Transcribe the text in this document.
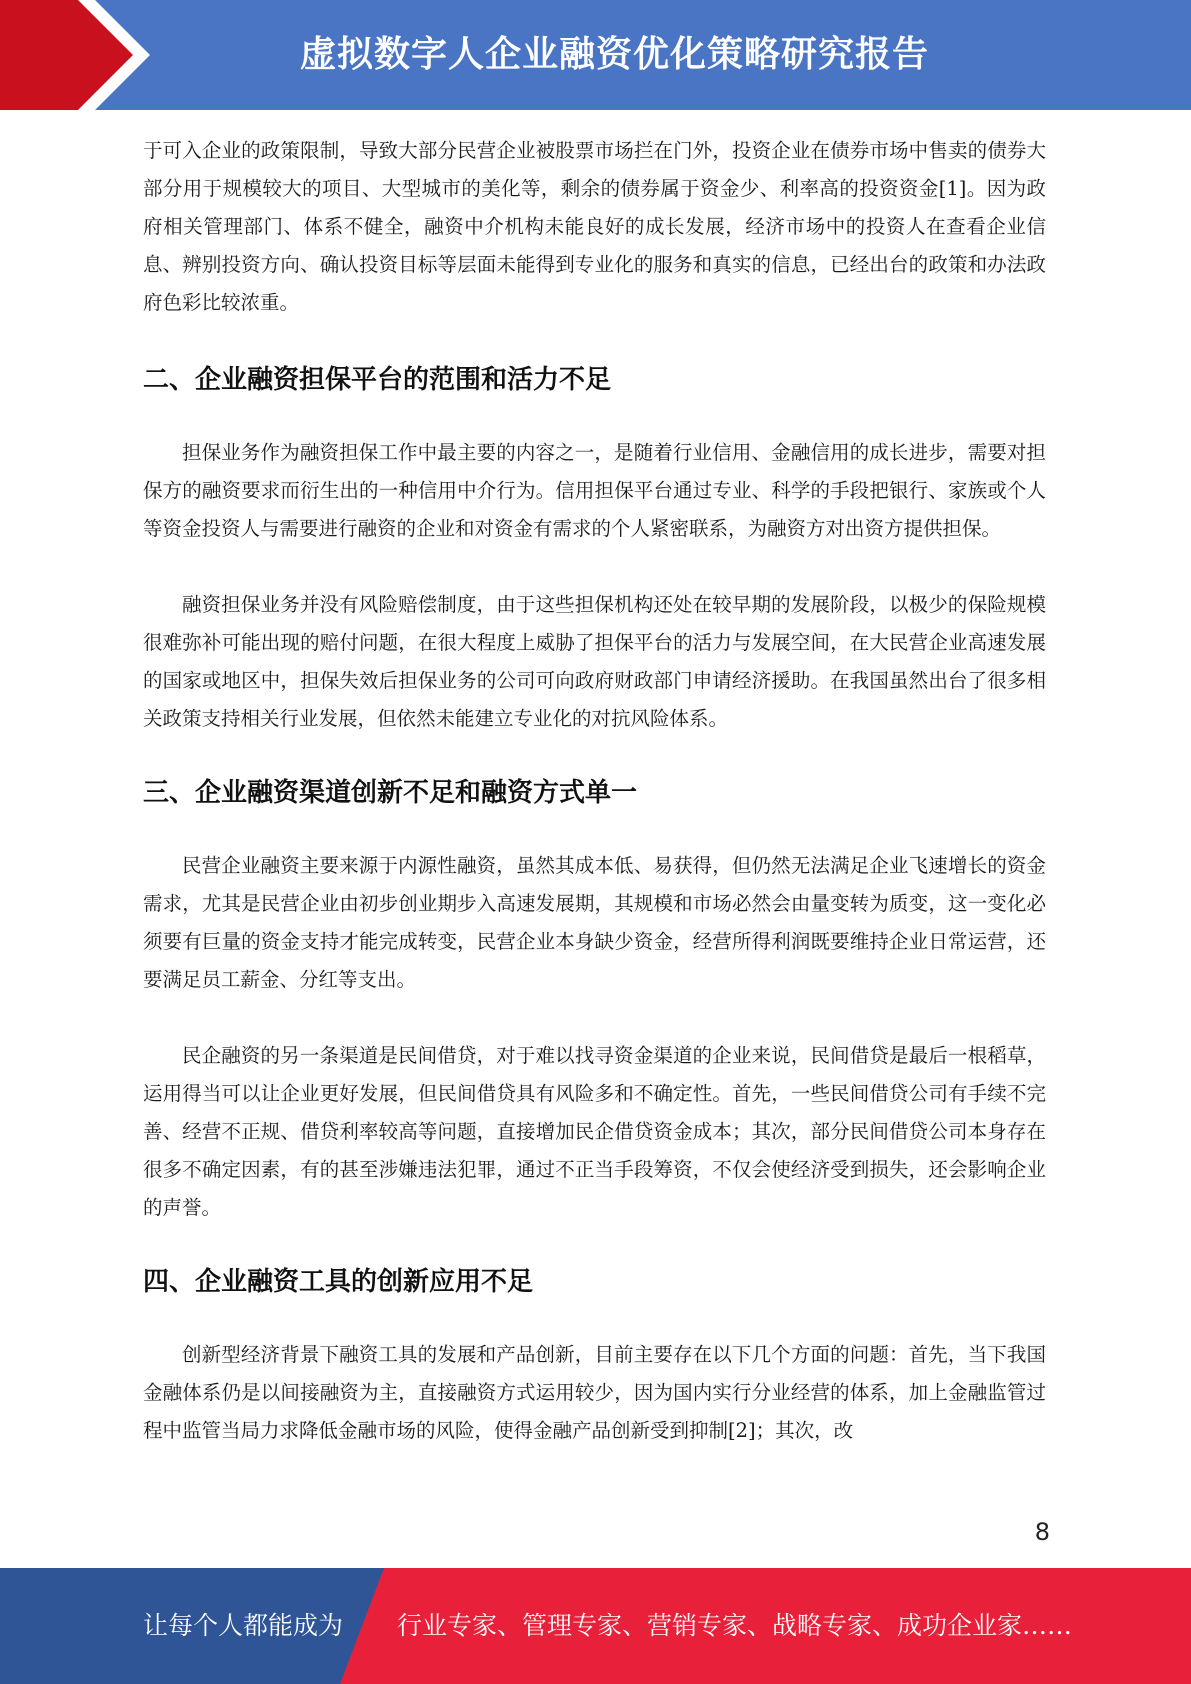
虚拟数字人企业融资优化策略研究报告

于可入企业的政策限制，导致大部分民营企业被股票市场拦在门外，投资企业在债券市场中售卖的债券大部分用于规模较大的项目、大型城市的美化等，剩余的债券属于资金少、利率高的投资资金[1]。因为政府相关管理部门、体系不健全，融资中介机构未能良好的成长发展，经济市场中的投资人在查看企业信息、辨别投资方向、确认投资目标等层面未能得到专业化的服务和真实的信息，已经出台的政策和办法政府色彩比较浓重。

二、企业融资担保平台的范围和活力不足

担保业务作为融资担保工作中最主要的内容之一，是随着行业信用、金融信用的成长进步，需要对担保方的融资要求而衍生出的一种信用中介行为。信用担保平台通过专业、科学的手段把银行、家族或个人等资金投资人与需要进行融资的企业和对资金有需求的个人紧密联系，为融资方对出资方提供担保。

融资担保业务并没有风险赔偿制度，由于这些担保机构还处在较早期的发展阶段，以极少的保险规模很难弥补可能出现的赔付问题，在很大程度上威胁了担保平台的活力与发展空间，在大民营企业高速发展的国家或地区中，担保失效后担保业务的公司可向政府财政部门申请经济援助。在我国虽然出台了很多相关政策支持相关行业发展，但依然未能建立专业化的对抗风险体系。

三、企业融资渠道创新不足和融资方式单一

民营企业融资主要来源于内源性融资，虽然其成本低、易获得，但仍然无法满足企业飞速增长的资金需求，尤其是民营企业由初步创业期步入高速发展期，其规模和市场必然会由量变转为质变，这一变化必须要有巨量的资金支持才能完成转变，民营企业本身缺少资金，经营所得利润既要维持企业日常运营，还要满足员工薪金、分红等支出。

民企融资的另一条渠道是民间借贷，对于难以找寻资金渠道的企业来说，民间借贷是最后一根稻草，运用得当可以让企业更好发展，但民间借贷具有风险多和不确定性。首先，一些民间借贷公司有手续不完善、经营不正规、借贷利率较高等问题，直接增加民企借贷资金成本；其次，部分民间借贷公司本身存在很多不确定因素，有的甚至涉嫌违法犯罪，通过不正当手段筹资，不仅会使经济受到损失，还会影响企业的声誉。

四、企业融资工具的创新应用不足

创新型经济背景下融资工具的发展和产品创新，目前主要存在以下几个方面的问题：首先，当下我国金融体系仍是以间接融资为主，直接融资方式运用较少，因为国内实行分业经营的体系，加上金融监管过程中监管当局力求降低金融市场的风险，使得金融产品创新受到抑制[2]；其次，改

8
让每个人都能成为 行业专家、管理专家、营销专家、战略专家、成功企业家……
